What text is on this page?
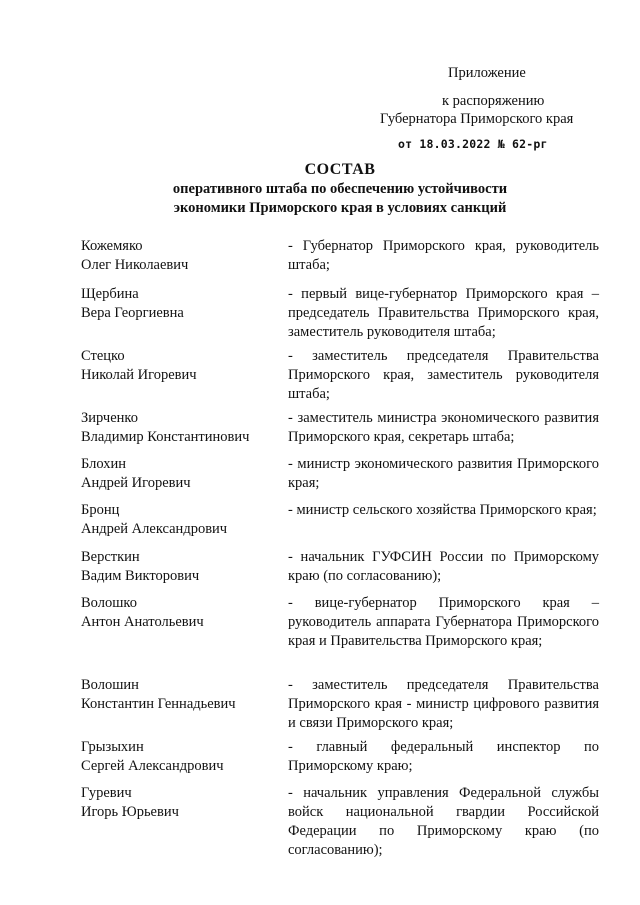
Приложение
к распоряжению
Губернатора Приморского края
от 18.03.2022 № 62-рг
СОСТАВ
оперативного штаба по обеспечению устойчивости
экономики Приморского края в условиях санкций
Кожемяко
Олег Николаевич
- Губернатор Приморского края, руководитель штаба;
Щербина
Вера Георгиевна
- первый вице-губернатор Приморского края – председатель Правительства Приморского края, заместитель руководителя штаба;
Стецко
Николай Игоревич
- заместитель председателя Правительства Приморского края, заместитель руководителя штаба;
Зирченко
Владимир Константинович
- заместитель министра экономического развития Приморского края, секретарь штаба;
Блохин
Андрей Игоревич
- министр экономического развития Приморского края;
Бронц
Андрей Александрович
- министр сельского хозяйства Приморского края;
Версткин
Вадим Викторович
- начальник ГУФСИН России по Приморскому краю (по согласованию);
Волошко
Антон Анатольевич
- вице-губернатор Приморского края – руководитель аппарата Губернатора Приморского края и Правительства Приморского края;
Волошин
Константин Геннадьевич
- заместитель председателя Правительства Приморского края - министр цифрового развития и связи Приморского края;
Грызыхин
Сергей Александрович
- главный федеральный инспектор по Приморскому краю;
Гуревич
Игорь Юрьевич
- начальник управления Федеральной службы войск национальной гвардии Российской Федерации по Приморскому краю (по согласованию);
